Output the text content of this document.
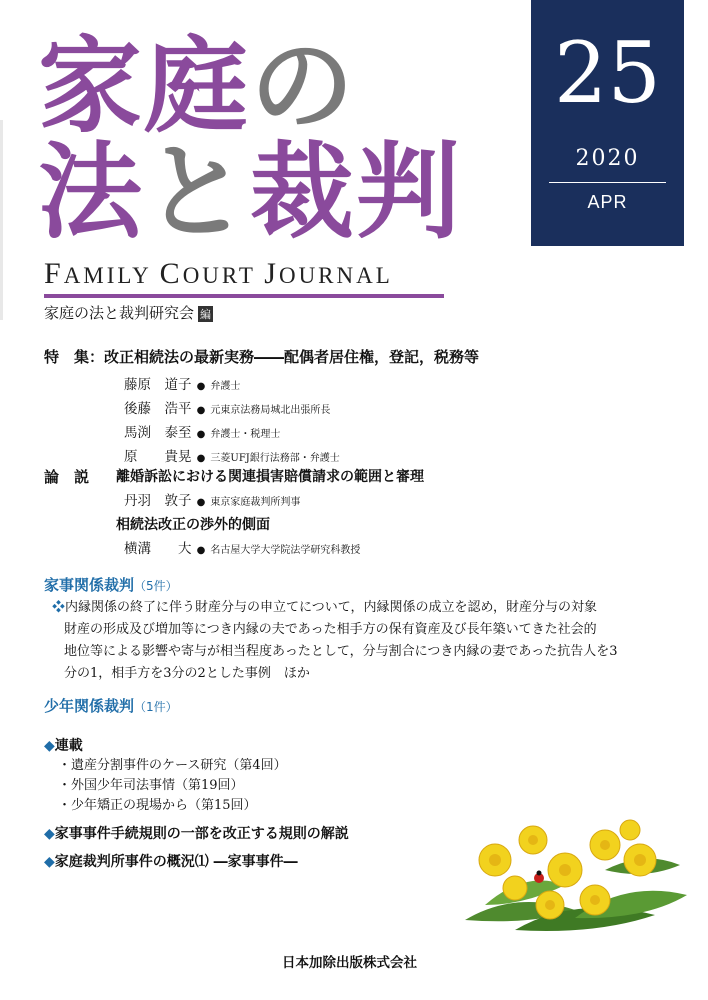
家庭の
法と裁判
25
2020
APR
FAMILY COURT JOURNAL
家庭の法と裁判研究会 編
特　集：改正相続法の最新実務――配偶者居住権，登記，税務等
藤原　道子 ● 弁護士
後藤　浩平 ● 元東京法務局城北出張所長
馬渕　泰至 ● 弁護士・税理士
原　　貴晃 ● 三菱UFJ銀行法務部・弁護士
論　説 離婚訴訟における関連損害賠償請求の範囲と審理
丹羽　敦子 ● 東京家庭裁判所判事
相続法改正の渉外的側面
横溝　　大 ● 名古屋大学大学院法学研究科教授
家事関係裁判（5件）
❖内縁関係の終了に伴う財産分与の申立てについて，内縁関係の成立を認め，財産分与の対象
財産の形成及び増加等につき内縁の夫であった相手方の保有資産及び長年築いてきた社会的
地位等による影響や寄与が相当程度あったとして，分与割合につき内縁の妻であった抗告人を3
分の1，相手方を3分の2とした事例　ほか
少年関係裁判（1件）
◆連載
・遺産分割事件のケース研究（第4回）
・外国少年司法事情（第19回）
・少年矯正の現場から（第15回）
◆家事事件手続規則の一部を改正する規則の解説
◆家庭裁判所事件の概況⑴ ―家事事件―
日本加除出版株式会社
